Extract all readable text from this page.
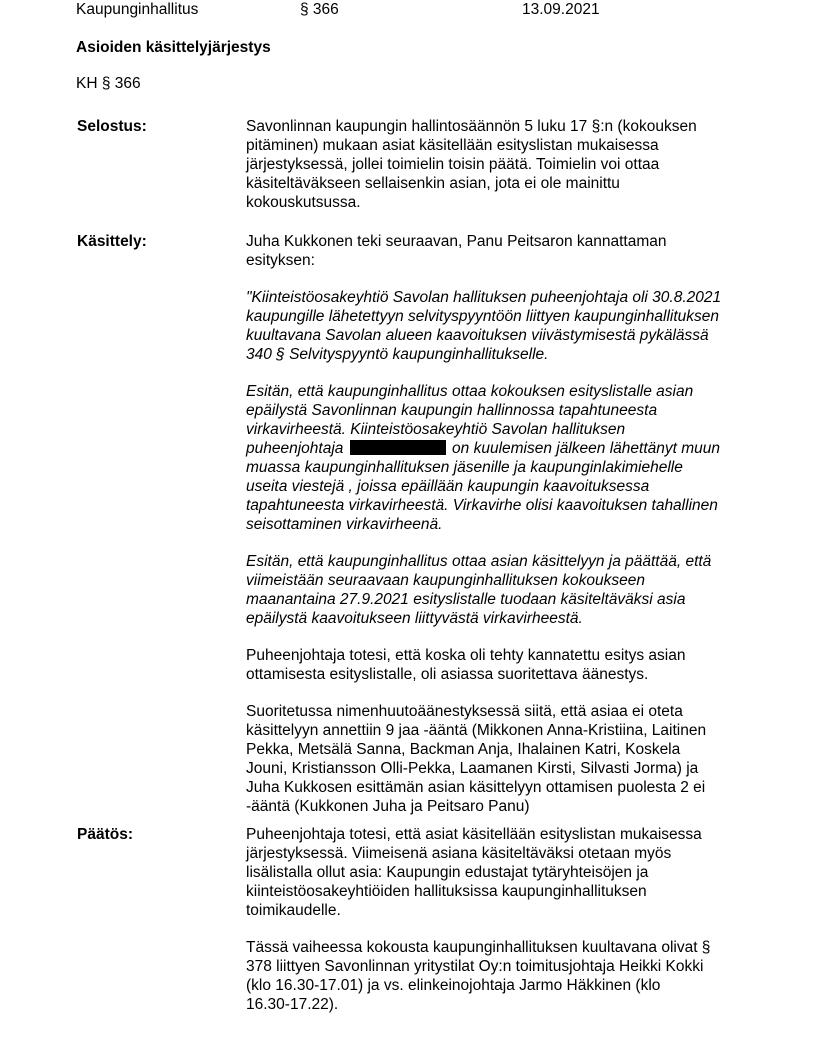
Kaupunginhallitus	§ 366	13.09.2021
Asioiden käsittelyjärjestys
KH § 366
Selostus:	Savonlinnan kaupungin hallintosäännön 5 luku 17 §:n (kokouksen
pitäminen) mukaan asiat käsitellään esityslistan mukaisessa
järjestyksessä, jollei toimielin toisin päätä. Toimielin voi ottaa
käsiteltäväkseen sellaisenkin asian, jota ei ole mainittu
kokouskutsussa.

Käsittely:	Juha Kukkonen teki seuraavan, Panu Peitsaron kannattaman
esityksen:

"Kiinteistöosakeyhtiö Savolan hallituksen puheenjohtaja oli 30.8.2021
kaupungille lähetettyyn selvityspyyntöön liittyen kaupunginhallituksen
kuultavana Savolan alueen kaavoituksen viivästymisestä pykälässä
340 § Selvityspyyntö kaupunginhallitukselle.

Esitän, että kaupunginhallitus ottaa kokouksen esityslistalle asian
epäilystä Savonlinnan kaupungin hallinnossa tapahtuneesta
virkavirheestä. Kiinteistöosakeyhtiö Savolan hallituksen
puheenjohtaja	on kuulemisen jälkeen lähettänyt muun
muassa kaupunginhallituksen jäsenille ja kaupunginlakimiehelle
useita viestejä , joissa epäillään kaupungin kaavoituksessa
tapahtuneesta virkavirheestä. Virkavirhe olisi kaavoituksen tahallinen
seisottaminen virkavirheenä.

Esitän, että kaupunginhallitus ottaa asian käsittelyyn ja päättää, että
viimeistään seuraavaan kaupunginhallituksen kokoukseen
maanantaina 27.9.2021 esityslistalle tuodaan käsiteltäväksi asia
epäilystä kaavoitukseen liittyvästä virkavirheestä.

Puheenjohtaja totesi, että koska oli tehty kannatettu esitys asian
ottamisesta esityslistalle, oli asiassa suoritettava äänestys.

Suoritetussa nimenhuutoäänestyksessä siitä, että asiaa ei oteta
käsittelyyn annettiin 9 jaa -ääntä (Mikkonen Anna-Kristiina, Laitinen
Pekka, Metsälä Sanna, Backman Anja, Ihalainen Katri, Koskela
Jouni, Kristiansson Olli-Pekka, Laamanen Kirsti, Silvasti Jorma) ja
Juha Kukkosen esittämän asian käsittelyyn ottamisen puolesta 2 ei
-ääntä (Kukkonen Juha ja Peitsaro Panu)

Päätös:	Puheenjohtaja totesi, että asiat käsitellään esityslistan mukaisessa
järjestyksessä. Viimeisenä asiana käsiteltäväksi otetaan myös
lisälistalla ollut asia: Kaupungin edustajat tytäryhteisöjen ja
kiinteistöosakeyhtiöiden hallituksissa kaupunginhallituksen
toimikaudelle.

Tässä vaiheessa kokousta kaupunginhallituksen kuultavana olivat §
378 liittyen Savonlinnan yritystilat Oy:n toimitusjohtaja Heikki Kokki
(klo 16.30-17.01) ja vs. elinkeinojohtaja Jarmo Häkkinen (klo
16.30-17.22).
